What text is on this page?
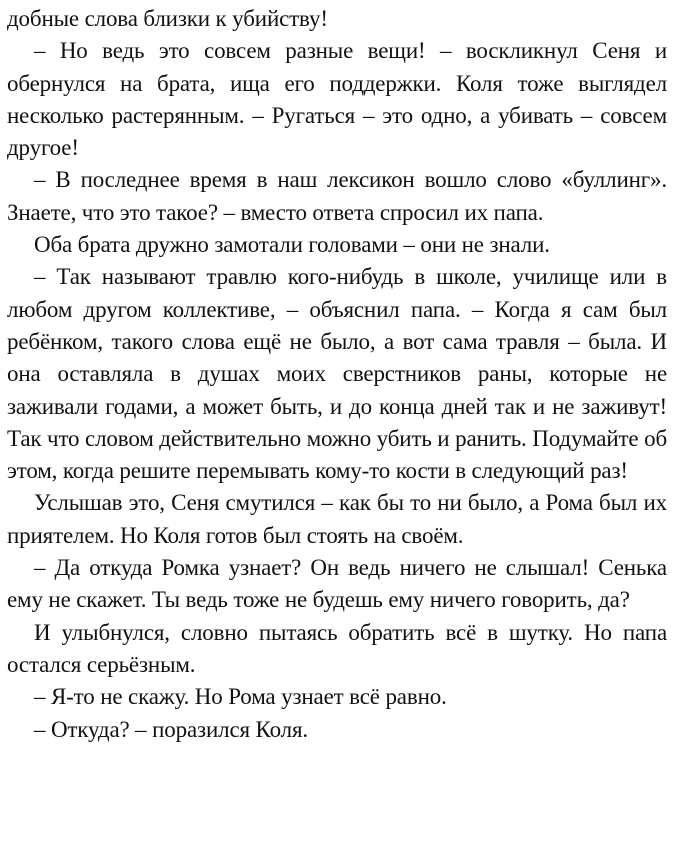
добные слова близки к убийству!

– Но ведь это совсем разные вещи! – воскликнул Сеня и обернулся на брата, ища его поддержки. Коля тоже выглядел несколько растерянным. – Ругаться – это одно, а убивать – совсем другое!

– В последнее время в наш лексикон вошло слово «буллинг». Знаете, что это такое? – вместо ответа спросил их папа.

Оба брата дружно замотали головами – они не знали.

– Так называют травлю кого-нибудь в школе, училище или в любом другом коллективе, – объяснил папа. – Когда я сам был ребёнком, такого слова ещё не было, а вот сама травля – была. И она оставляла в душах моих сверстников раны, которые не заживали годами, а может быть, и до конца дней так и не заживут! Так что словом действительно можно убить и ранить. Подумайте об этом, когда решите перемывать кому-то кости в следующий раз!

Услышав это, Сеня смутился – как бы то ни было, а Рома был их приятелем. Но Коля готов был стоять на своём.

– Да откуда Ромка узнает? Он ведь ничего не слышал! Сенька ему не скажет. Ты ведь тоже не будешь ему ничего говорить, да?

И улыбнулся, словно пытаясь обратить всё в шутку. Но папа остался серьёзным.

– Я-то не скажу. Но Рома узнает всё равно.

– Откуда? – поразился Коля.
